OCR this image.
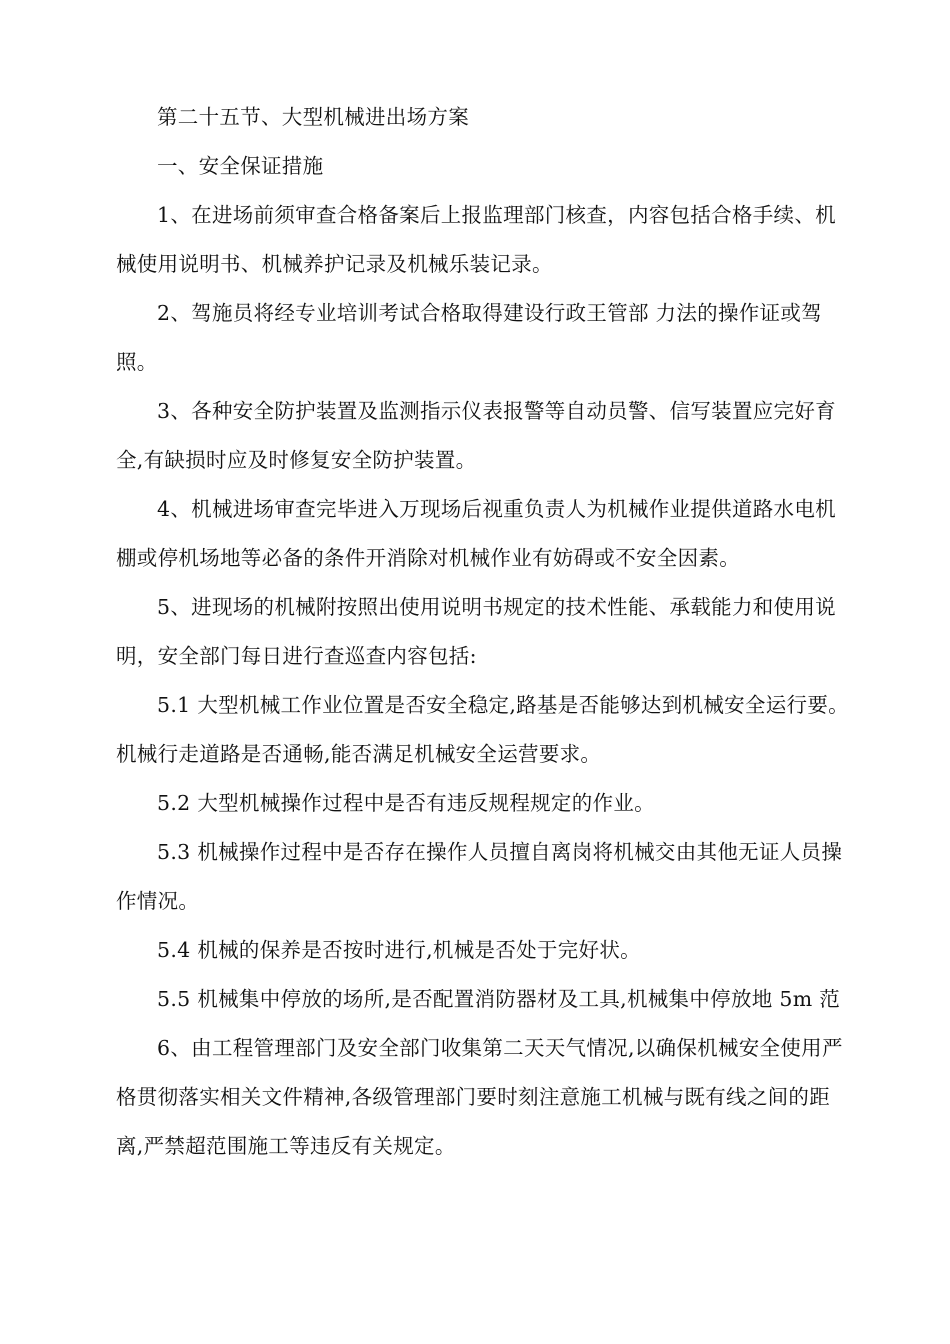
第二十五节、大型机械进出场方案

一、安全保证措施

1、在进场前须审查合格备案后上报监理部门核查，内容包括合格手续、机械使用说明书、机械养护记录及机械乐装记录。

2、驾施员将经专业培训考试合格取得建设行政王管部 力法的操作证或驾照。

3、各种安全防护装置及监测指示仪表报警等自动员警、信写装置应完好育全,有缺损时应及时修复安全防护装置。

4、机械进场审查完毕进入万现场后视重负责人为机械作业提供道路水电机棚或停机场地等必备的条件开消除对机械作业有妨碍或不安全因素。

5、进现场的机械附按照出使用说明书规定的技术性能、承载能力和使用说明，安全部门每日进行查巡查内容包括:

5.1 大型机械工作业位置是否安全稳定,路基是否能够达到机械安全运行要。机械行走道路是否通畅,能否满足机械安全运营要求。

5.2 大型机械操作过程中是否有违反规程规定的作业。

5.3 机械操作过程中是否存在操作人员擅自离岗将机械交由其他无证人员操作情况。

5.4 机械的保养是否按时进行,机械是否处于完好状。

5.5 机械集中停放的场所,是否配置消防器材及工具,机械集中停放地 5m 范

6、由工程管理部门及安全部门收集第二天天气情况,以确保机械安全使用严格贯彻落实相关文件精神,各级管理部门要时刻注意施工机械与既有线之间的距离,严禁超范围施工等违反有关规定。
